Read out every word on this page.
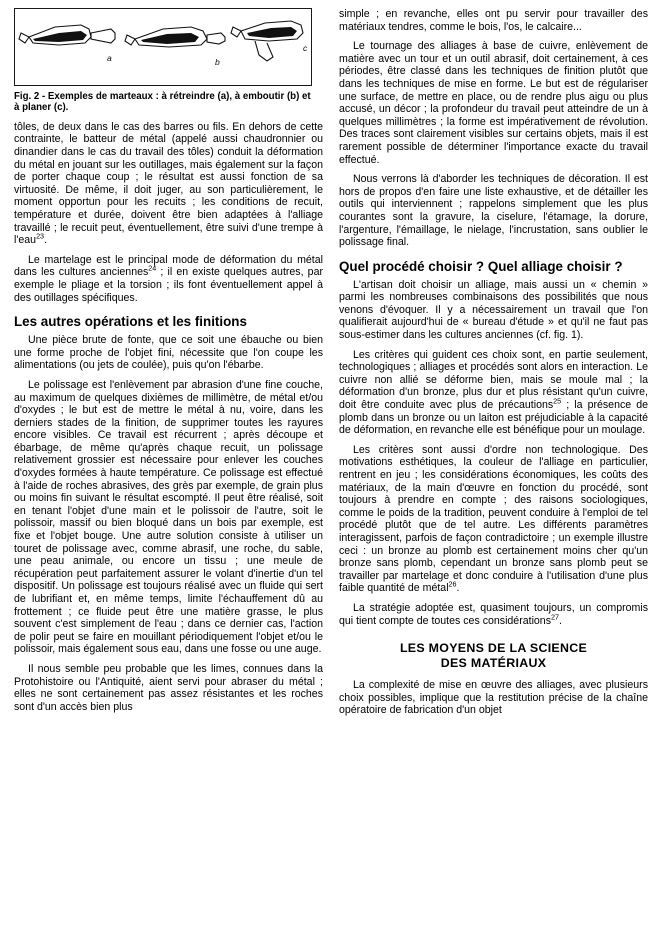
a	b
c
Fig. 2 - Exemples de marteaux : à rétreindre (a), à emboutir (b) et à planer (c).

tôles, de deux dans le cas des barres ou fils. En dehors de cette contrainte, le batteur de métal (appelé aussi chaudronnier ou dinandier dans le cas du travail des tôles) conduit la déformation du métal en jouant sur les outillages, mais également sur la façon de porter chaque coup ; le résultat est aussi fonction de sa virtuosité. De même, il doit juger, au son particulièrement, le moment opportun pour les recuits ; les conditions de recuit, température et durée, doivent être bien adaptées à l'alliage travaillé ; le recuit peut, éventuellement, être suivi d'une trempe à l'eau$^{23}$.

Le martelage est le principal mode de déformation du métal dans les cultures anciennes$^{24}$ ; il en existe quelques autres, par exemple le pliage et la torsion ; ils font éventuellement appel à des outillages spécifiques.

Les autres opérations et les finitions

Une pièce brute de fonte, que ce soit une ébauche ou bien une forme proche de l'objet fini, nécessite que l'on coupe les alimentations (ou jets de coulée), puis qu'on l'ébarbe.

Le polissage est l'enlèvement par abrasion d'une fine couche, au maximum de quelques dixièmes de millimètre, de métal et/ou d'oxydes ; le but est de mettre le métal à nu, voire, dans les derniers stades de la finition, de supprimer toutes les rayures encore visibles. Ce travail est récurrent ; après découpe et ébarbage, de même qu'après chaque recuit, un polissage relativement grossier est nécessaire pour enlever les couches d'oxydes formées à haute température. Ce polissage est effectué à l'aide de roches abrasives, des grès par exemple, de grain plus ou moins fin suivant le résultat escompté. Il peut être réalisé, soit en tenant l'objet d'une main et le polissoir de l'autre, soit le polissoir, massif ou bien bloqué dans un bois par exemple, est fixe et l'objet bouge. Une autre solution consiste à utiliser un touret de polissage avec, comme abrasif, une roche, du sable, une peau animale, ou encore un tissu ; une meule de récupération peut parfaitement assurer le volant d'inertie d'un tel dispositif. Un polissage est toujours réalisé avec un fluide qui sert de lubrifiant et, en même temps, limite l'échauffement dû au frottement ; ce fluide peut être une matière grasse, le plus souvent c'est simplement de l'eau ; dans ce dernier cas, l'action de polir peut se faire en mouillant périodiquement l'objet et/ou le polissoir, mais également sous eau, dans une fosse ou une auge.

Il nous semble peu probable que les limes, connues dans la Protohistoire ou l'Antiquité, aient servi pour abraser du métal ; elles ne sont certainement pas assez résistantes et les roches sont d'un accès bien plus

simple ; en revanche, elles ont pu servir pour travailler des matériaux tendres, comme le bois, l'os, le calcaire...

Le tournage des alliages à base de cuivre, enlèvement de matière avec un tour et un outil abrasif, doit certainement, à ces périodes, être classé dans les techniques de finition plutôt que dans les techniques de mise en forme. Le but est de régulariser une surface, de mettre en place, ou de rendre plus aigu ou plus accusé, un décor ; la profondeur du travail peut atteindre de un à quelques millimètres ; la forme est impérativement de révolution. Des traces sont clairement visibles sur certains objets, mais il est rarement possible de déterminer l'importance exacte du travail effectué.

Nous verrons là d'aborder les techniques de décoration. Il est hors de propos d'en faire une liste exhaustive, et de détailler les outils qui interviennent ; rappelons simplement que les plus courantes sont la gravure, la ciselure, l'étamage, la dorure, l'argenture, l'émaillage, le nielage, l'incrustation, sans oublier le polissage final.

Quel procédé choisir ? Quel alliage choisir ?

L'artisan doit choisir un alliage, mais aussi un « chemin » parmi les nombreuses combinaisons des possibilités que nous venons d'évoquer. Il y a nécessairement un travail que l'on qualifierait aujourd'hui de « bureau d'étude » et qu'il ne faut pas sous-estimer dans les cultures anciennes (cf. fig. 1).

Les critères qui guident ces choix sont, en partie seulement, technologiques ; alliages et procédés sont alors en interaction. Le cuivre non allié se déforme bien, mais se moule mal ; la déformation d'un bronze, plus dur et plus résistant qu'un cuivre, doit être conduite avec plus de précautions$^{25}$ ; la présence de plomb dans un bronze ou un laiton est préjudiciable à la capacité de déformation, en revanche elle est bénéfique pour un moulage.

Les critères sont aussi d'ordre non technologique. Des motivations esthétiques, la couleur de l'alliage en particulier, rentrent en jeu ; les considérations économiques, les coûts des matériaux, de la main d'œuvre en fonction du procédé, sont toujours à prendre en compte ; des raisons sociologiques, comme le poids de la tradition, peuvent conduire à l'emploi de tel procédé plutôt que de tel autre. Les différents paramètres interagissent, parfois de façon contradictoire ; un exemple illustre ceci : un bronze au plomb est certainement moins cher qu'un bronze sans plomb, cependant un bronze sans plomb peut se travailler par martelage et donc conduire à l'utilisation d'une plus faible quantité de métal$^{26}$.

La stratégie adoptée est, quasiment toujours, un compromis qui tient compte de toutes ces considérations$^{27}$.

LES MOYENS DE LA SCIENCE
DES MATÉRIAUX

La complexité de mise en œuvre des alliages, avec plusieurs choix possibles, implique que la restitution précise de la chaîne opératoire de fabrication d'un objet
